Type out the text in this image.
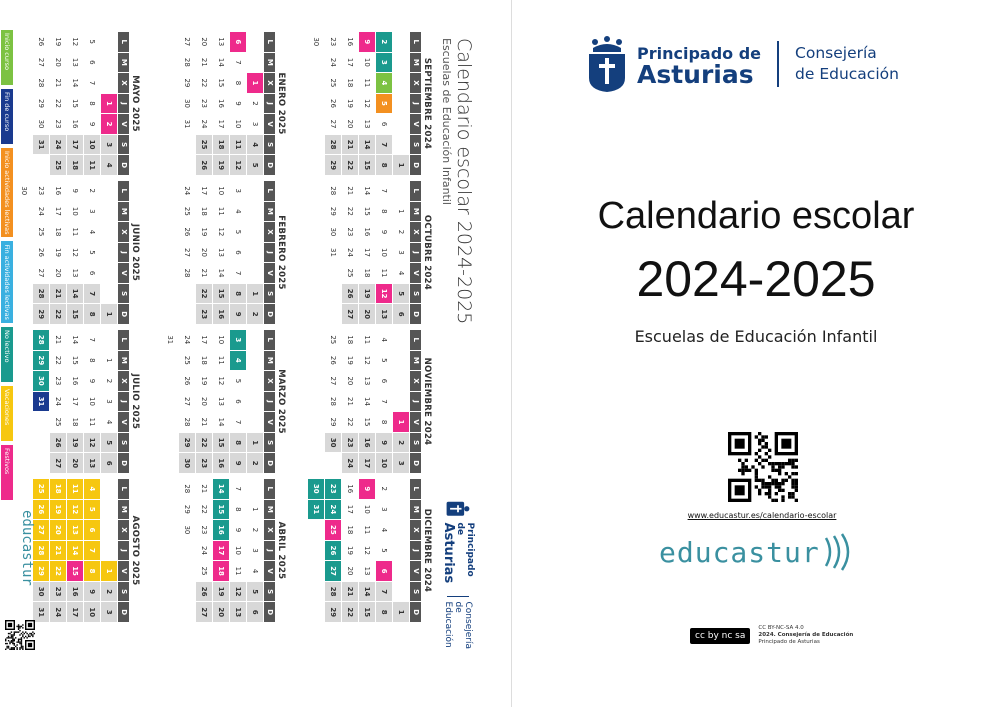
Calendario escolar 2024-2025
Escuelas de Educación Infantil
SEPTIEMBRE 2024
L
M
X
J
V
S
D
1
2
3
4
5
6
7
8
9
10
11
12
13
14
15
16
17
18
19
20
21
22
23
24
25
26
27
28
29
30
OCTUBRE 2024
L
M
X
J
V
S
D
1
2
3
4
5
6
7
8
9
10
11
12
13
14
15
16
17
18
19
20
21
22
23
24
25
26
27
28
29
30
31
NOVIEMBRE 2024
L
M
X
J
V
S
D
1
2
3
4
5
6
7
8
9
10
11
12
13
14
15
16
17
18
19
20
21
22
23
24
25
26
27
28
29
30
DICIEMBRE 2024
L
M
X
J
V
S
D
1
2
3
4
5
6
7
8
9
10
11
12
13
14
15
16
17
18
19
20
21
22
23
24
25
26
27
28
29
30
31
ENERO 2025
L
M
X
J
V
S
D
1
2
3
4
5
6
7
8
9
10
11
12
13
14
15
16
17
18
19
20
21
22
23
24
25
26
27
28
29
30
31
FEBRERO 2025
L
M
X
J
V
S
D
1
2
3
4
5
6
7
8
9
10
11
12
13
14
15
16
17
18
19
20
21
22
23
24
25
26
27
28
MARZO 2025
L
M
X
J
V
S
D
1
2
3
4
5
6
7
8
9
10
11
12
13
14
15
16
17
18
19
20
21
22
23
24
25
26
27
28
29
30
31
ABRIL 2025
L
M
X
J
V
S
D
1
2
3
4
5
6
7
8
9
10
11
12
13
14
15
16
17
18
19
20
21
22
23
24
25
26
27
28
29
30
MAYO 2025
L
M
X
J
V
S
D
1
2
3
4
5
6
7
8
9
10
11
12
13
14
15
16
17
18
19
20
21
22
23
24
25
26
27
28
29
30
31
JUNIO 2025
L
M
X
J
V
S
D
1
2
3
4
5
6
7
8
9
10
11
12
13
14
15
16
17
18
19
20
21
22
23
24
25
26
27
28
29
30
JULIO 2025
L
M
X
J
V
S
D
1
2
3
4
5
6
7
8
9
10
11
12
13
14
15
16
17
18
19
20
21
22
23
24
25
26
27
28
29
30
31
AGOSTO 2025
L
M
X
J
V
S
D
1
2
3
4
5
6
7
8
9
10
11
12
13
14
15
16
17
18
19
20
21
22
23
24
25
26
27
28
29
30
31
Inicio curso
Fin de curso
Inicio actividades lectivas
Fin actividades lectivas
No lectivo
Vacaciones
Festivos
Principado de
Asturias
Consejería de Educación
educastur
Principado de
Asturias
Consejería
de Educación
Calendario escolar
2024-2025
Escuelas de Educación Infantil
www.educastur.es/calendario-escolar
educastur
cc by nc sa
CC BY-NC-SA 4.0
2024. Consejería de Educación
Principado de Asturias
